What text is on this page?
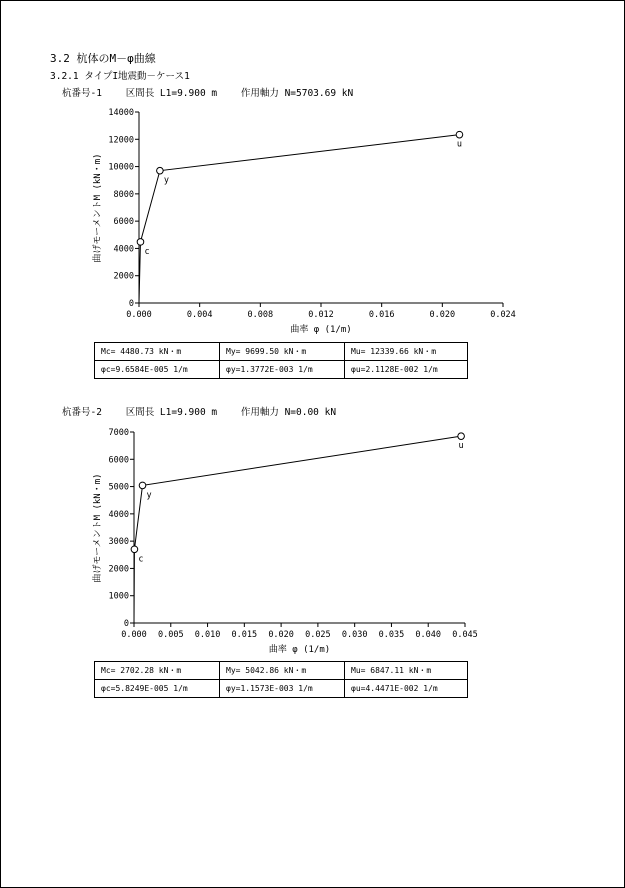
3.2 杭体のM－φ曲線
3.2.1 タイプI地震動－ケース1
杭番号-1 区間長 L1=9.900 m 作用軸力 N=5703.69 kN
0.000	0.004	0.008	0.012	0.016	0.020	0.024
0
2000
4000
6000
8000
10000
12000
14000
曲率 φ (1/m)
曲げモーメントM (kN・m)	c
y
u
Mc= 4480.73 kN・m	My= 9699.50 kN・m	Mu= 12339.66 kN・m
φc=9.6584E-005 1/m	φy=1.3772E-003 1/m	φu=2.1128E-002 1/m
杭番号-2 区間長 L1=9.900 m 作用軸力 N=0.00 kN
0.000 0.005 0.010 0.015 0.020 0.025 0.030 0.035 0.040 0.045
0
1000
2000
3000
4000
5000
6000
7000
曲率 φ (1/m)
曲げモーメントM (kN・m)	c
y
u
Mc= 2702.28 kN・m	My= 5042.86 kN・m	Mu= 6847.11 kN・m
φc=5.8249E-005 1/m	φy=1.1573E-003 1/m	φu=4.4471E-002 1/m
